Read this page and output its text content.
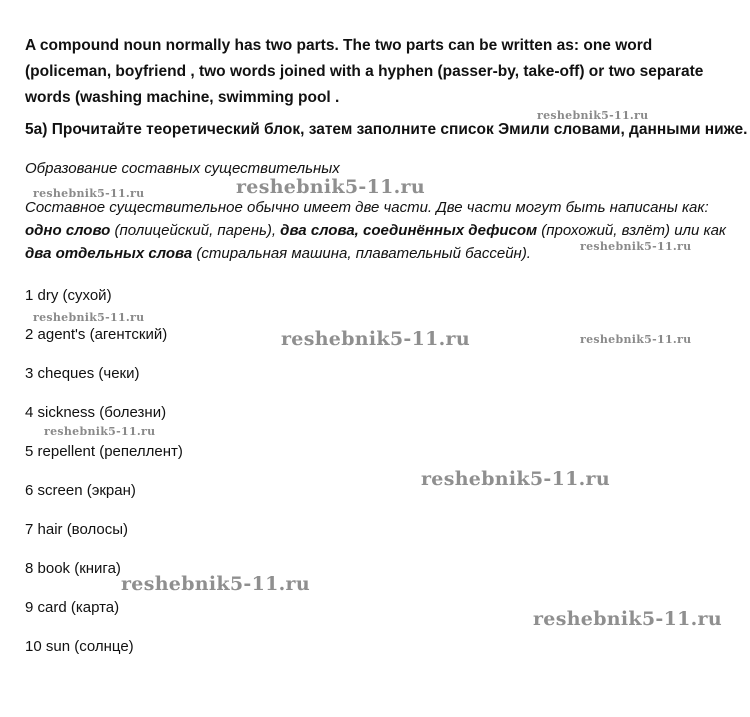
A compound noun normally has two parts. The two parts can be written as: one word (policeman, boyfriend , two words joined with a hyphen (passer-by, take-off) or two separate words (washing machine, swimming pool .

5a) Прочитайте теоретический блок, затем заполните список Эмили словами, данными ниже.

Образование составных существительных

Составное существительное обычно имеет две части. Две части могут быть написаны как: одно слово (полицейский, парень), два слова, соединённых дефисом (прохожий, взлёт) или как два отдельных слова (стиральная машина, плавательный бассейн).

1 dry (сухой)
2 agent's (агентский)
3 cheques (чеки)
4 sickness (болезни)
5 repellent (репеллент)
6 screen (экран)
7 hair (волосы)
8 book (книга)
9 card (карта)
10 sun (солнце)
reshebnik5-11.ru
reshebnik5-11.ru	reshebnik5-11.ru
reshebnik5-11.ru
reshebnik5-11.ru
reshebnik5-11.ru	reshebnik5-11.ru
reshebnik5-11.ru
reshebnik5-11.ru
reshebnik5-11.ru
reshebnik5-11.ru
